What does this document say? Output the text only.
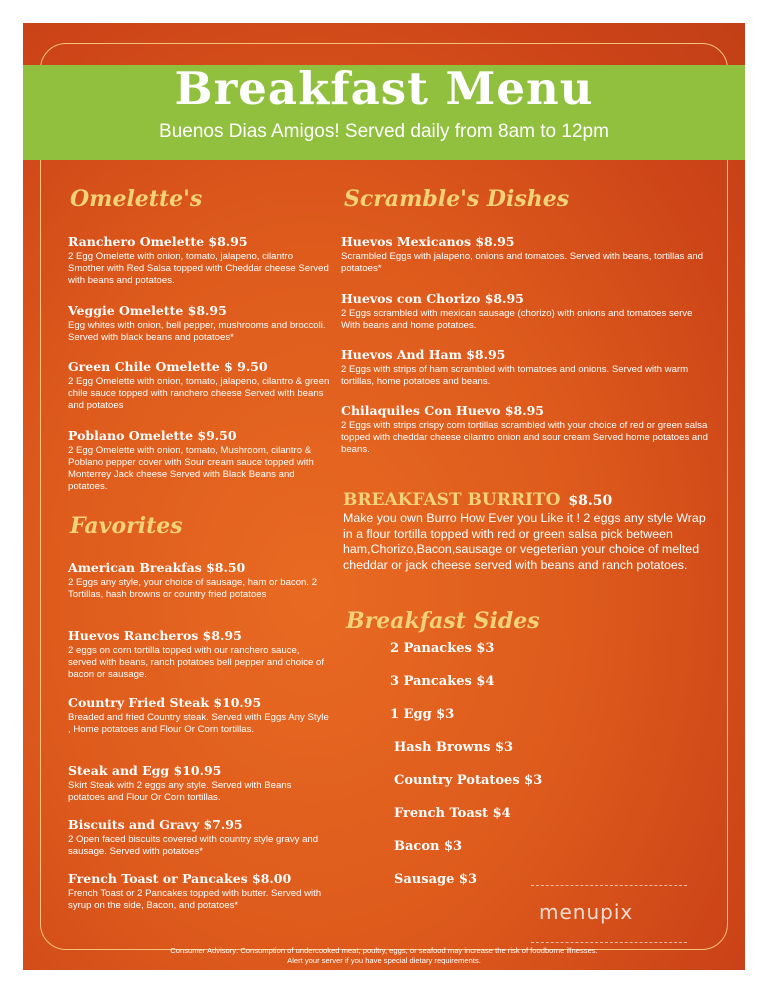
Breakfast Menu
Buenos Dias Amigos! Served daily from 8am to 12pm
Omelette's
Ranchero Omelette $8.95
2 Egg Omelette with onion, tomato, jalapeno, cilantro Smother with Red Salsa topped with Cheddar cheese Served with beans and potatoes.
Veggie Omelette $8.95
Egg whites with onion, bell pepper, mushrooms and broccoli. Served with black beans and potatoes*
Green Chile Omelette $ 9.50
2 Egg Omelette with onion, tomato, jalapeno, cilantro & green chile sauce topped with ranchero cheese Served with beans and potatoes
Poblano Omelette $9.50
2 Egg Omelette with onion, tomato, Mushroom, cilantro & Poblano pepper cover with Sour cream sauce topped with Monterrey Jack cheese Served with Black Beans and potatoes.
Favorites
American Breakfas $8.50
2 Eggs any style, your choice of sausage, ham or bacon. 2 Tortillas, hash browns or country fried potatoes
Huevos Rancheros $8.95
2 eggs on corn tortilla topped with our ranchero sauce, served with beans, ranch potatoes bell pepper and choice of bacon or sausage.
Country Fried Steak $10.95
Breaded and fried Country steak. Served with Eggs Any Style , Home potatoes and Flour Or Corn tortillas.
Steak and Egg $10.95
Skirt Steak with 2 eggs any style. Served with Beans potatoes and Flour Or Corn tortillas.
Biscuits and Gravy $7.95
2 Open faced biscuits covered with country style gravy and sausage. Served with potatoes*
French Toast or Pancakes $8.00
French Toast or 2 Pancakes topped with butter. Served with syrup on the side, Bacon, and potatoes*
Scramble's Dishes
Huevos Mexicanos $8.95
Scrambled Eggs with jalapeno, onions and tomatoes. Served with beans, tortillas and potatoes*
Huevos con Chorizo $8.95
2 Eggs scrambled with mexican sausage (chorizo) with onions and tomatoes serve With beans and home potatoes.
Huevos And Ham $8.95
2 Eggs with strips of ham scrambled with tomatoes and onions. Served with warm tortillas, home potatoes and beans.
Chilaquiles Con Huevo $8.95
2 Eggs with strips crispy corn tortillas scrambled with your choice of red or green salsa topped with cheddar cheese cilantro onion and sour cream Served home potatoes and beans.
BREAKFAST BURRITO $8.50
Make you own Burro How Ever you Like it ! 2 eggs any style Wrap in a flour tortilla topped with red or green salsa pick between ham,Chorizo,Bacon,sausage or vegeterian your choice of melted cheddar or jack cheese served with beans and ranch potatoes.
Breakfast Sides
2 Panackes $3
3 Pancakes $4
1 Egg $3
Hash Browns $3
Country Potatoes $3
French Toast $4
Bacon $3
Sausage $3
menupix
Consumer Advisory: Consumption of undercooked meat, poultry, eggs, or seafood may increase the risk of foodborne illnesses.
Alert your server if you have special dietary requirements.
